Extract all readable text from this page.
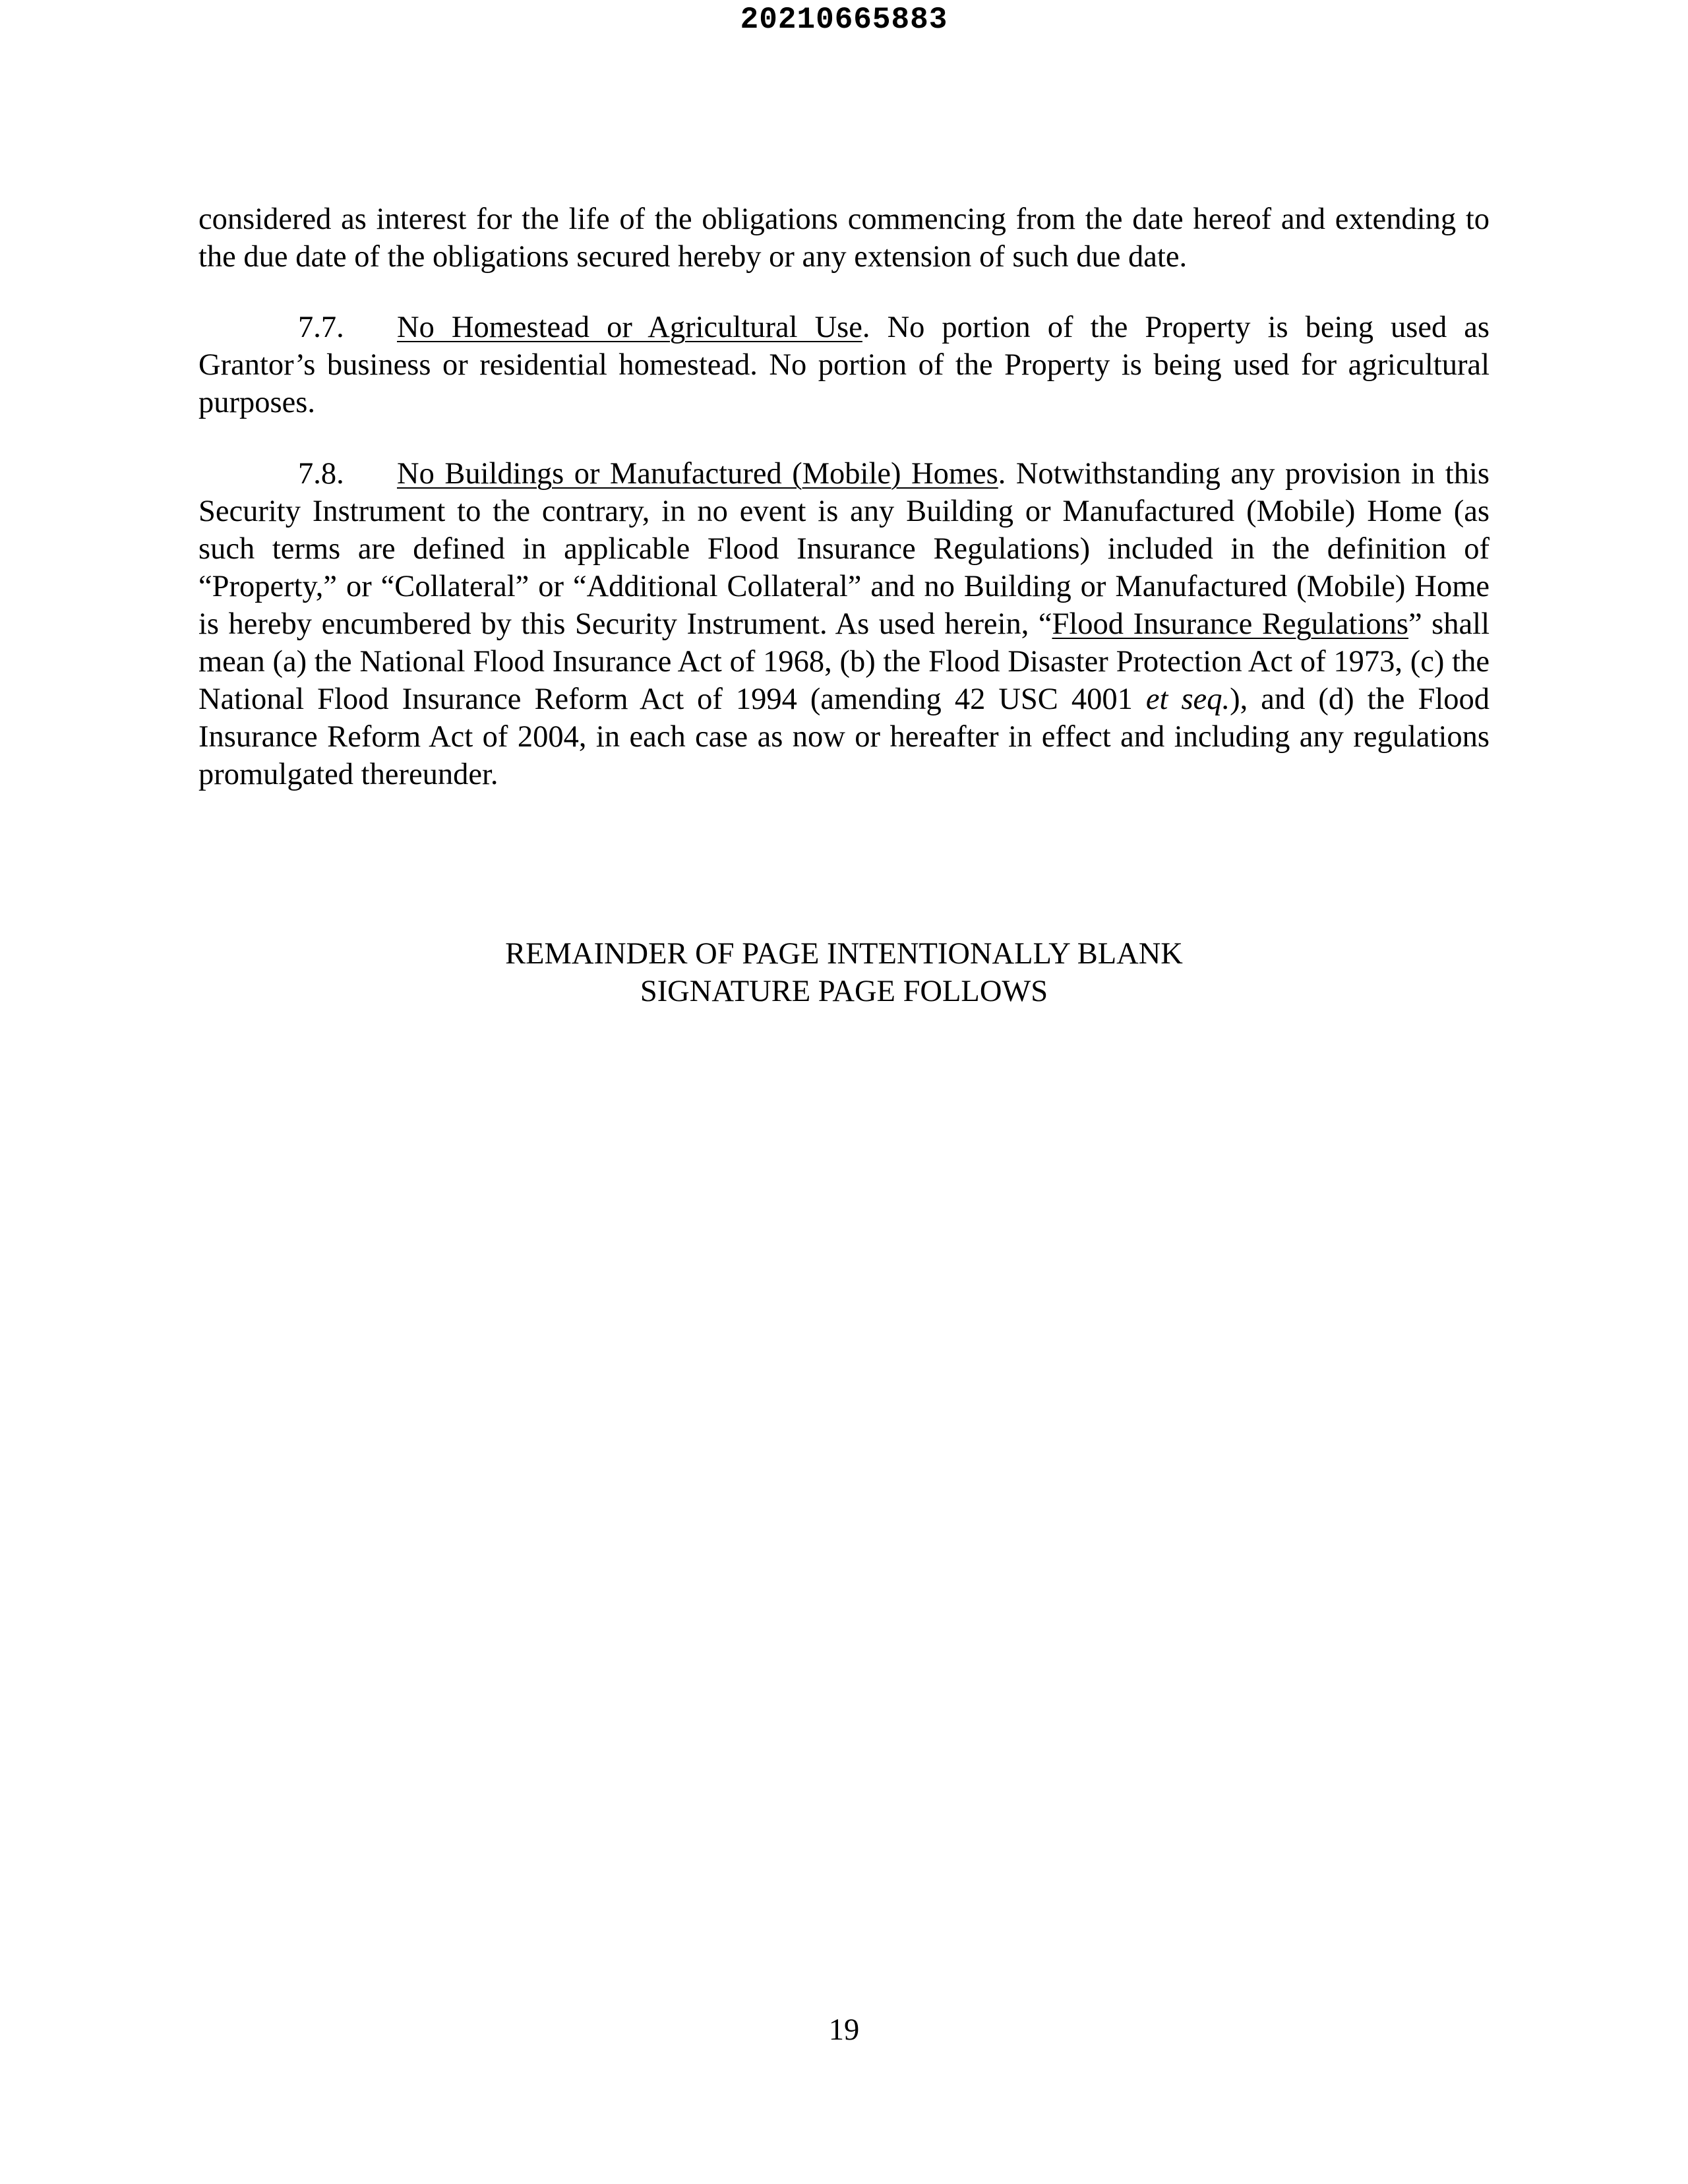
20210665883

considered as interest for the life of the obligations commencing from the date hereof and extending to the due date of the obligations secured hereby or any extension of such due date.

7.7. No Homestead or Agricultural Use. No portion of the Property is being used as Grantor’s business or residential homestead. No portion of the Property is being used for agricultural purposes.

7.8. No Buildings or Manufactured (Mobile) Homes. Notwithstanding any provision in this Security Instrument to the contrary, in no event is any Building or Manufactured (Mobile) Home (as such terms are defined in applicable Flood Insurance Regulations) included in the definition of “Property,” or “Collateral” or “Additional Collateral” and no Building or Manufactured (Mobile) Home is hereby encumbered by this Security Instrument. As used herein, “Flood Insurance Regulations” shall mean (a) the National Flood Insurance Act of 1968, (b) the Flood Disaster Protection Act of 1973, (c) the National Flood Insurance Reform Act of 1994 (amending 42 USC 4001 et seq.), and (d) the Flood Insurance Reform Act of 2004, in each case as now or hereafter in effect and including any regulations promulgated thereunder.

REMAINDER OF PAGE INTENTIONALLY BLANK
SIGNATURE PAGE FOLLOWS
19
